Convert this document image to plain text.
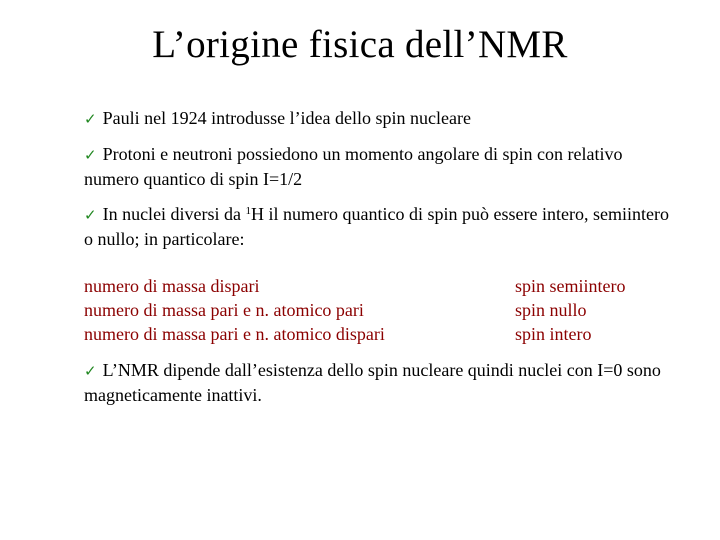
L’origine fisica dell’NMR
✓ Pauli nel 1924 introdusse l’idea dello spin nucleare
✓ Protoni e neutroni possiedono un momento angolare di spin con relativo numero quantico di spin I=1/2
✓ In nuclei diversi da $^1$H il numero quantico di spin può essere intero, semiintero o nullo; in particolare:
numero di massa dispari	spin semiintero
numero di massa pari e n. atomico pari	spin nullo
numero di massa pari e n. atomico dispari	spin intero
✓ L’NMR dipende dall’esistenza dello spin nucleare quindi nuclei con I=0 sono magneticamente inattivi.
